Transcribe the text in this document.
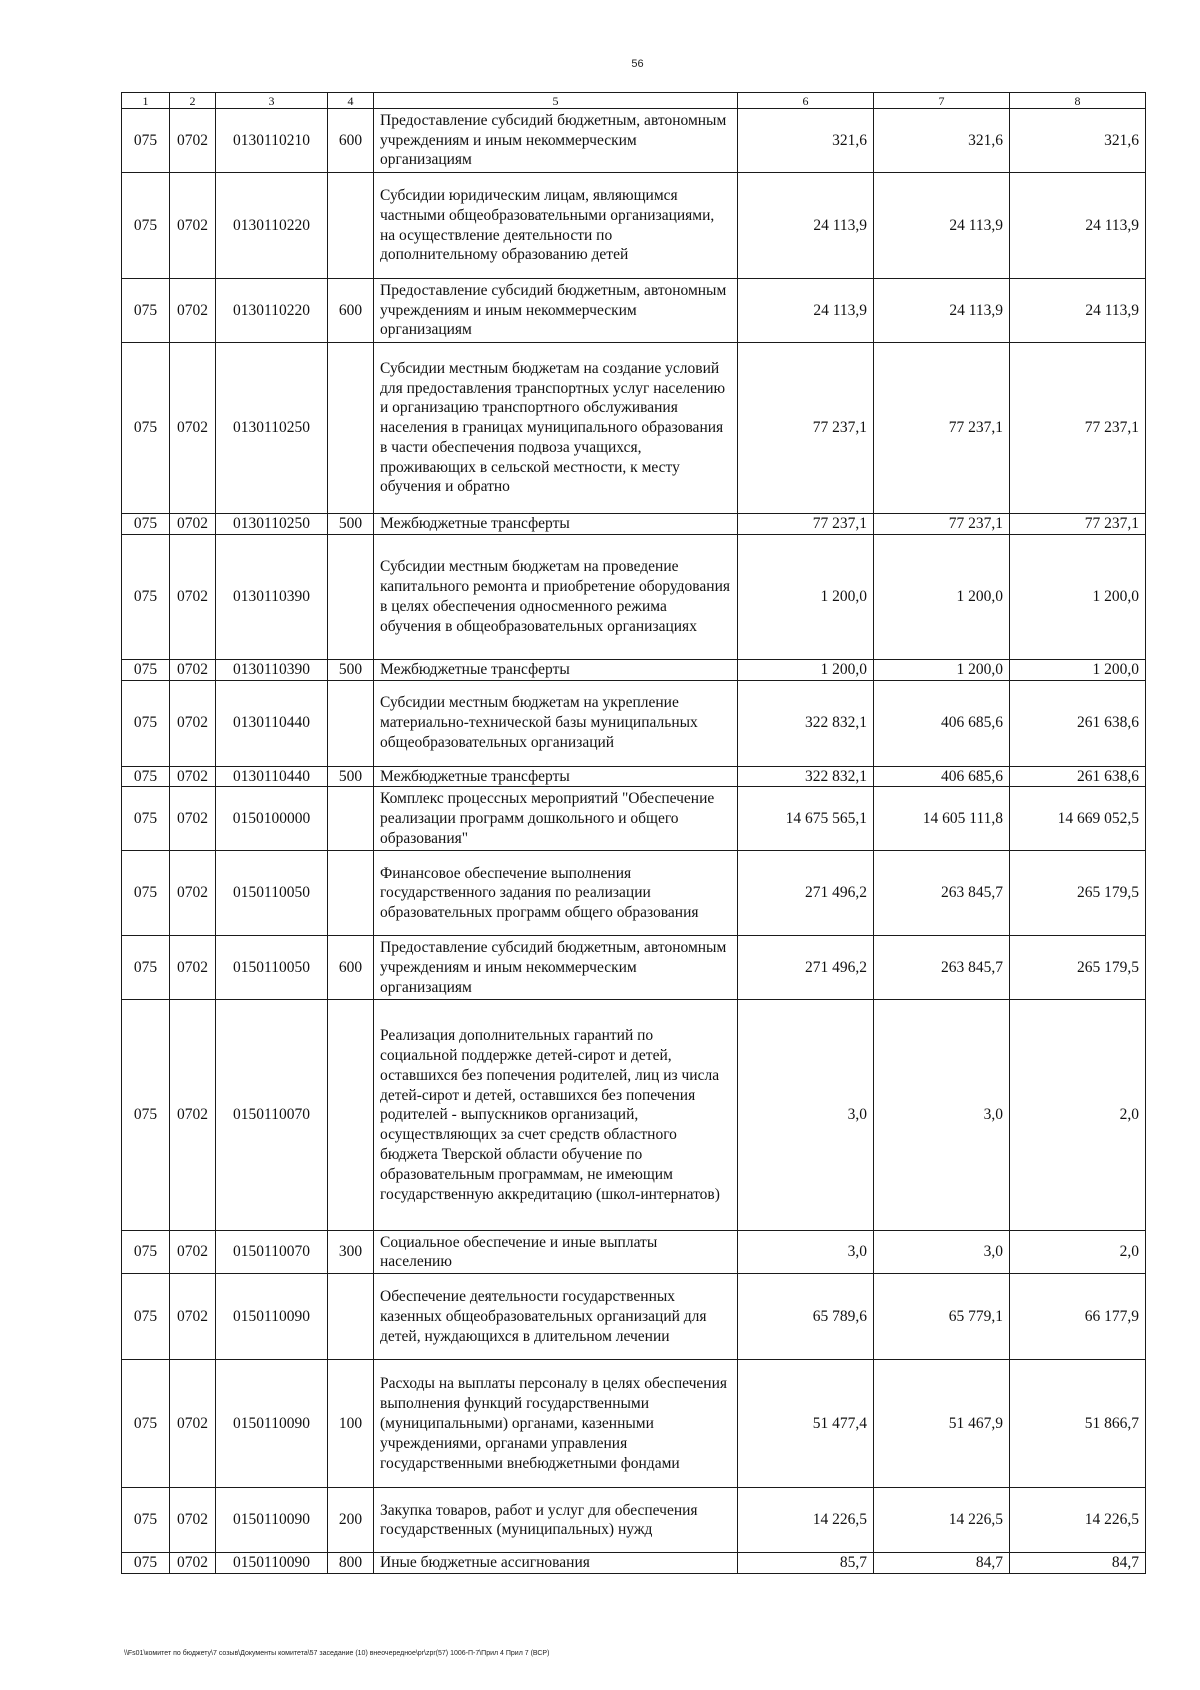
56
1	2	3	4	5	6	7	8
075	0702	0130110210	600	Предоставление субсидий бюджетным, автономным учреждениям и иным некоммерческим организациям	321,6	321,6	321,6
075	0702	0130110220		Субсидии юридическим лицам, являющимся частными общеобразовательными организациями, на осуществление деятельности по дополнительному образованию детей	24 113,9	24 113,9	24 113,9
075	0702	0130110220	600	Предоставление субсидий бюджетным, автономным учреждениям и иным некоммерческим организациям	24 113,9	24 113,9	24 113,9
075	0702	0130110250		Субсидии местным бюджетам на создание условий для предоставления транспортных услуг населению и организацию транспортного обслуживания населения в границах муниципального образования в части обеспечения подвоза учащихся, проживающих в сельской местности, к месту обучения и обратно	77 237,1	77 237,1	77 237,1
075	0702	0130110250	500	Межбюджетные трансферты	77 237,1	77 237,1	77 237,1
075	0702	0130110390		Субсидии местным бюджетам на проведение капитального ремонта и приобретение оборудования в целях обеспечения односменного режима обучения в общеобразовательных организациях	1 200,0	1 200,0	1 200,0
075	0702	0130110390	500	Межбюджетные трансферты	1 200,0	1 200,0	1 200,0
075	0702	0130110440		Субсидии местным бюджетам на укрепление материально-технической базы муниципальных общеобразовательных организаций	322 832,1	406 685,6	261 638,6
075	0702	0130110440	500	Межбюджетные трансферты	322 832,1	406 685,6	261 638,6
075	0702	0150100000		Комплекс процессных мероприятий "Обеспечение реализации программ дошкольного и общего образования"	14 675 565,1	14 605 111,8	14 669 052,5
075	0702	0150110050		Финансовое обеспечение выполнения государственного задания по реализации образовательных программ общего образования	271 496,2	263 845,7	265 179,5
075	0702	0150110050	600	Предоставление субсидий бюджетным, автономным учреждениям и иным некоммерческим организациям	271 496,2	263 845,7	265 179,5
075	0702	0150110070		Реализация дополнительных гарантий по социальной поддержке детей-сирот и детей, оставшихся без попечения родителей, лиц из числа детей-сирот и детей, оставшихся без попечения родителей - выпускников организаций, осуществляющих за счет средств областного бюджета Тверской области обучение по образовательным программам, не имеющим государственную аккредитацию (школ-интернатов)	3,0	3,0	2,0
075	0702	0150110070	300	Социальное обеспечение и иные выплаты населению	3,0	3,0	2,0
075	0702	0150110090		Обеспечение деятельности государственных казенных общеобразовательных организаций для детей, нуждающихся в длительном лечении	65 789,6	65 779,1	66 177,9
075	0702	0150110090	100	Расходы на выплаты персоналу в целях обеспечения выполнения функций государственными (муниципальными) органами, казенными учреждениями, органами управления государственными внебюджетными фондами	51 477,4	51 467,9	51 866,7
075	0702	0150110090	200	Закупка товаров, работ и услуг для обеспечения государственных (муниципальных) нужд	14 226,5	14 226,5	14 226,5
075	0702	0150110090	800	Иные бюджетные ассигнования	85,7	84,7	84,7
\\Fs01\комитет по бюджету\7 созыв\Документы комитета\57 заседание (10) внеочередное\pr\zpr(57) 1006-П-7\Прил 4 Прил 7 (ВСР)
